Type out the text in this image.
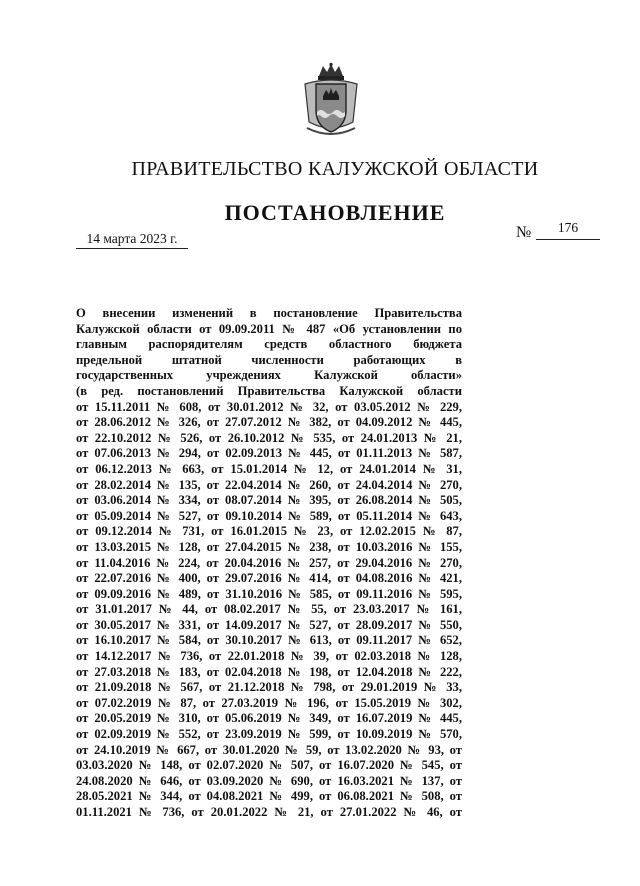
ПРАВИТЕЛЬСТВО КАЛУЖСКОЙ ОБЛАСТИ
ПОСТАНОВЛЕНИЕ
14 марта 2023 г.	№	176
О внесении изменений в постановление Правительства
Калужской области от 09.09.2011 № 487 «Об установлении по
главным распорядителям средств областного бюджета
предельной штатной численности работающих в
государственных учреждениях Калужской области»
(в ред. постановлений Правительства Калужской области
от 15.11.2011 № 608, от 30.01.2012 № 32, от 03.05.2012 № 229,
от 28.06.2012 № 326, от 27.07.2012 № 382, от 04.09.2012 № 445,
от 22.10.2012 № 526, от 26.10.2012 № 535, от 24.01.2013 № 21,
от 07.06.2013 № 294, от 02.09.2013 № 445, от 01.11.2013 № 587,
от 06.12.2013 № 663, от 15.01.2014 № 12, от 24.01.2014 № 31,
от 28.02.2014 № 135, от 22.04.2014 № 260, от 24.04.2014 № 270,
от 03.06.2014 № 334, от 08.07.2014 № 395, от 26.08.2014 № 505,
от 05.09.2014 № 527, от 09.10.2014 № 589, от 05.11.2014 № 643,
от 09.12.2014 № 731, от 16.01.2015 № 23, от 12.02.2015 № 87,
от 13.03.2015 № 128, от 27.04.2015 № 238, от 10.03.2016 № 155,
от 11.04.2016 № 224, от 20.04.2016 № 257, от 29.04.2016 № 270,
от 22.07.2016 № 400, от 29.07.2016 № 414, от 04.08.2016 № 421,
от 09.09.2016 № 489, от 31.10.2016 № 585, от 09.11.2016 № 595,
от 31.01.2017 № 44, от 08.02.2017 № 55, от 23.03.2017 № 161,
от 30.05.2017 № 331, от 14.09.2017 № 527, от 28.09.2017 № 550,
от 16.10.2017 № 584, от 30.10.2017 № 613, от 09.11.2017 № 652,
от 14.12.2017 № 736, от 22.01.2018 № 39, от 02.03.2018 № 128,
от 27.03.2018 № 183, от 02.04.2018 № 198, от 12.04.2018 № 222,
от 21.09.2018 № 567, от 21.12.2018 № 798, от 29.01.2019 № 33,
от 07.02.2019 № 87, от 27.03.2019 № 196, от 15.05.2019 № 302,
от 20.05.2019 № 310, от 05.06.2019 № 349, от 16.07.2019 № 445,
от 02.09.2019 № 552, от 23.09.2019 № 599, от 10.09.2019 № 570,
от 24.10.2019 № 667, от 30.01.2020 № 59, от 13.02.2020 № 93, от
03.03.2020 № 148, от 02.07.2020 № 507, от 16.07.2020 № 545, от
24.08.2020 № 646, от 03.09.2020 № 690, от 16.03.2021 № 137, от
28.05.2021 № 344, от 04.08.2021 № 499, от 06.08.2021 № 508, от
01.11.2021 № 736, от 20.01.2022 № 21, от 27.01.2022 № 46, от
